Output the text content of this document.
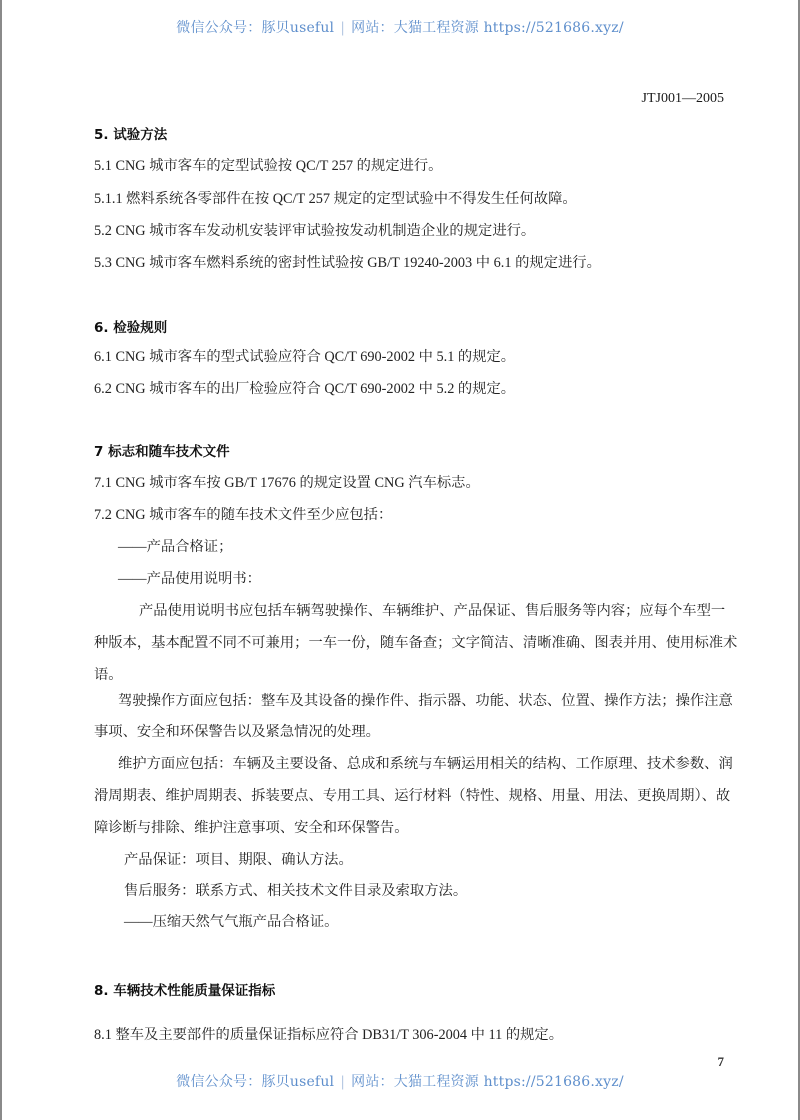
微信公众号：豚贝useful | 网站：大猫工程资源 https://521686.xyz/
JTJ001—2005
5. 试验方法
5.1 CNG 城市客车的定型试验按 QC/T 257 的规定进行。
5.1.1 燃料系统各零部件在按 QC/T 257 规定的定型试验中不得发生任何故障。
5.2 CNG 城市客车发动机安装评审试验按发动机制造企业的规定进行。
5.3 CNG 城市客车燃料系统的密封性试验按 GB/T 19240-2003 中 6.1 的规定进行。
6. 检验规则
6.1 CNG 城市客车的型式试验应符合 QC/T 690-2002 中 5.1 的规定。
6.2 CNG 城市客车的出厂检验应符合 QC/T 690-2002 中 5.2 的规定。
7 标志和随车技术文件
7.1 CNG 城市客车按 GB/T 17676 的规定设置 CNG 汽车标志。
7.2 CNG 城市客车的随车技术文件至少应包括：
——产品合格证；
——产品使用说明书：
产品使用说明书应包括车辆驾驶操作、车辆维护、产品保证、售后服务等内容；应每个车型一
种版本，基本配置不同不可兼用；一车一份，随车备查；文字简洁、清晰准确、图表并用、使用标准术
语。
驾驶操作方面应包括：整车及其设备的操作件、指示器、功能、状态、位置、操作方法；操作注意
事项、安全和环保警告以及紧急情况的处理。
维护方面应包括：车辆及主要设备、总成和系统与车辆运用相关的结构、工作原理、技术参数、润
滑周期表、维护周期表、拆装要点、专用工具、运行材料（特性、规格、用量、用法、更换周期）、故
障诊断与排除、维护注意事项、安全和环保警告。
产品保证：项目、期限、确认方法。
售后服务：联系方式、相关技术文件目录及索取方法。
——压缩天然气气瓶产品合格证。
8. 车辆技术性能质量保证指标
8.1 整车及主要部件的质量保证指标应符合 DB31/T 306-2004 中 11 的规定。
7
微信公众号：豚贝useful | 网站：大猫工程资源 https://521686.xyz/
